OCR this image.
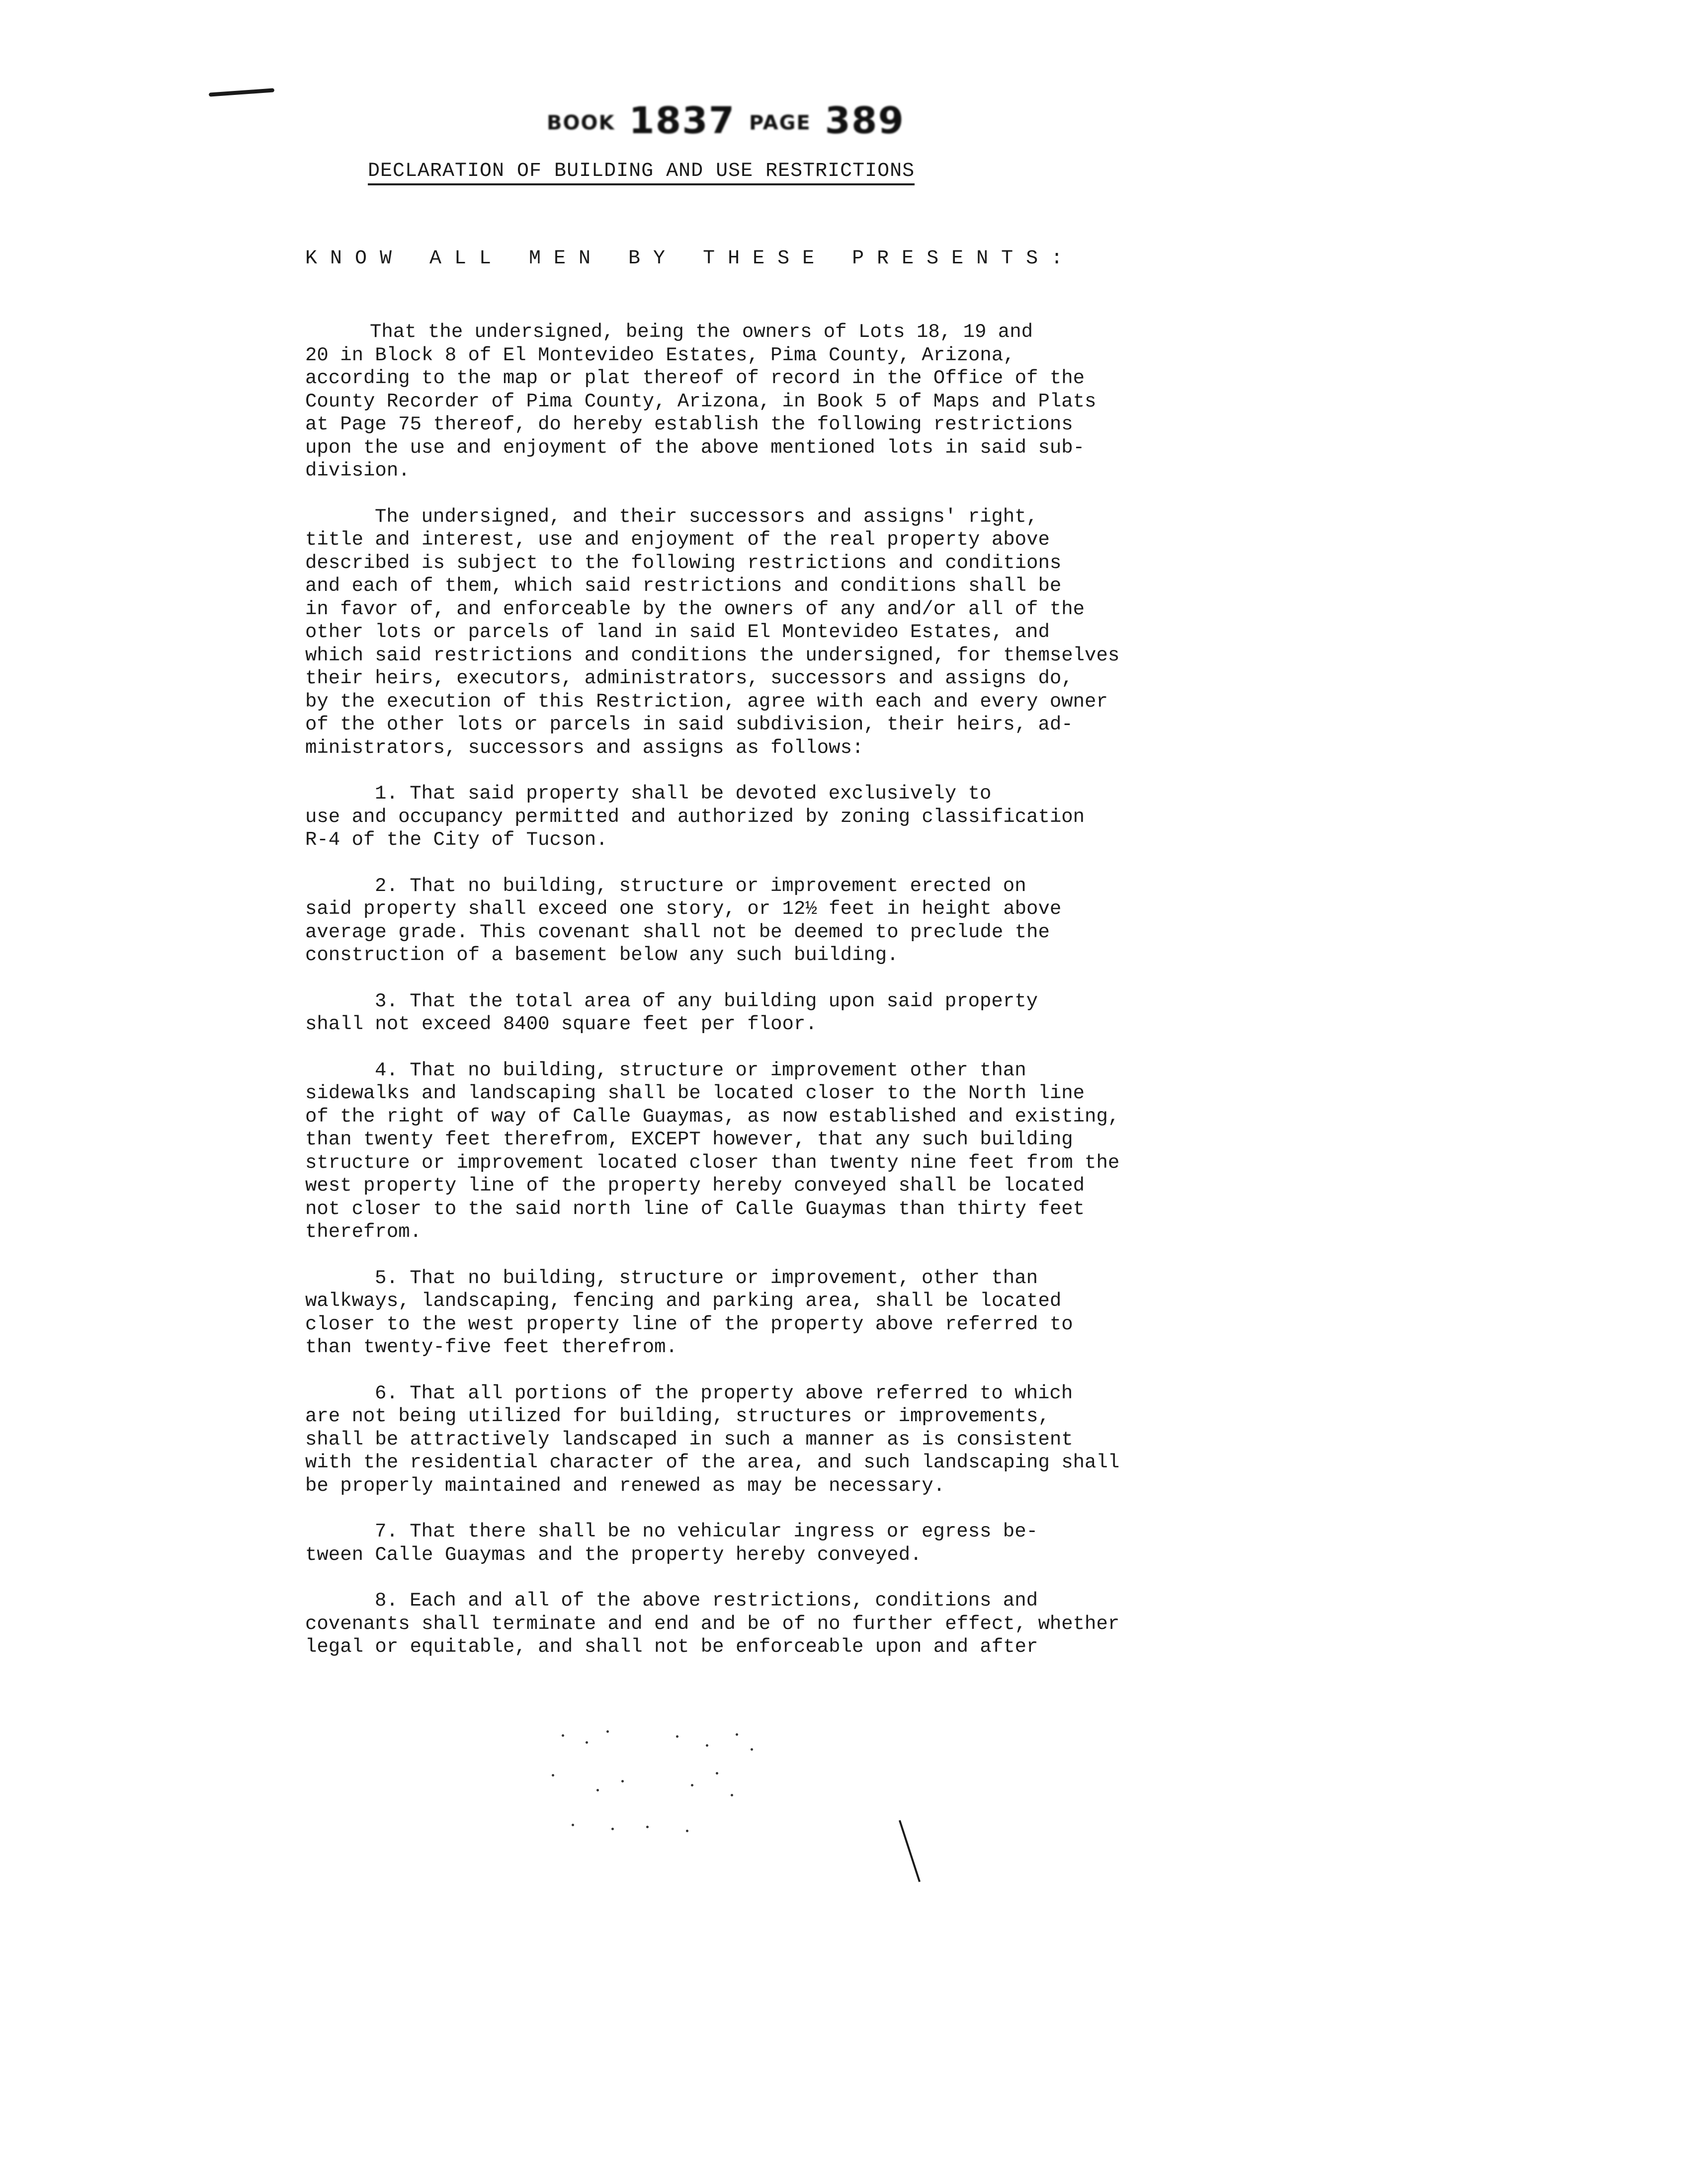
BOOK 1837 PAGE 389
DECLARATION OF BUILDING AND USE RESTRICTIONS
KNOW ALL MEN BY THESE PRESENTS:

That the undersigned, being the owners of Lots 18, 19 and
20 in Block 8 of El Montevideo Estates, Pima County, Arizona,
according to the map or plat thereof of record in the Office of the
County Recorder of Pima County, Arizona, in Book 5 of Maps and Plats
at Page 75 thereof, do hereby establish the following restrictions
upon the use and enjoyment of the above mentioned lots in said sub-
division.

The undersigned, and their successors and assigns' right,
title and interest, use and enjoyment of the real property above
described is subject to the following restrictions and conditions
and each of them, which said restrictions and conditions shall be
in favor of, and enforceable by the owners of any and/or all of the
other lots or parcels of land in said El Montevideo Estates, and
which said restrictions and conditions the undersigned, for themselves
their heirs, executors, administrators, successors and assigns do,
by the execution of this Restriction, agree with each and every owner
of the other lots or parcels in said subdivision, their heirs, ad-
ministrators, successors and assigns as follows:

1. That said property shall be devoted exclusively to
use and occupancy permitted and authorized by zoning classification
R-4 of the City of Tucson.

2. That no building, structure or improvement erected on
said property shall exceed one story, or 12½ feet in height above
average grade. This covenant shall not be deemed to preclude the
construction of a basement below any such building.

3. That the total area of any building upon said property
shall not exceed 8400 square feet per floor.

4. That no building, structure or improvement other than
sidewalks and landscaping shall be located closer to the North line
of the right of way of Calle Guaymas, as now established and existing,
than twenty feet therefrom, EXCEPT however, that any such building
structure or improvement located closer than twenty nine feet from the
west property line of the property hereby conveyed shall be located
not closer to the said north line of Calle Guaymas than thirty feet
therefrom.

5. That no building, structure or improvement, other than
walkways, landscaping, fencing and parking area, shall be located
closer to the west property line of the property above referred to
than twenty-five feet therefrom.

6. That all portions of the property above referred to which
are not being utilized for building, structures or improvements,
shall be attractively landscaped in such a manner as is consistent
with the residential character of the area, and such landscaping shall
be properly maintained and renewed as may be necessary.

7. That there shall be no vehicular ingress or egress be-
tween Calle Guaymas and the property hereby conveyed.

8. Each and all of the above restrictions, conditions and
covenants shall terminate and end and be of no further effect, whether
legal or equitable, and shall not be enforceable upon and after
